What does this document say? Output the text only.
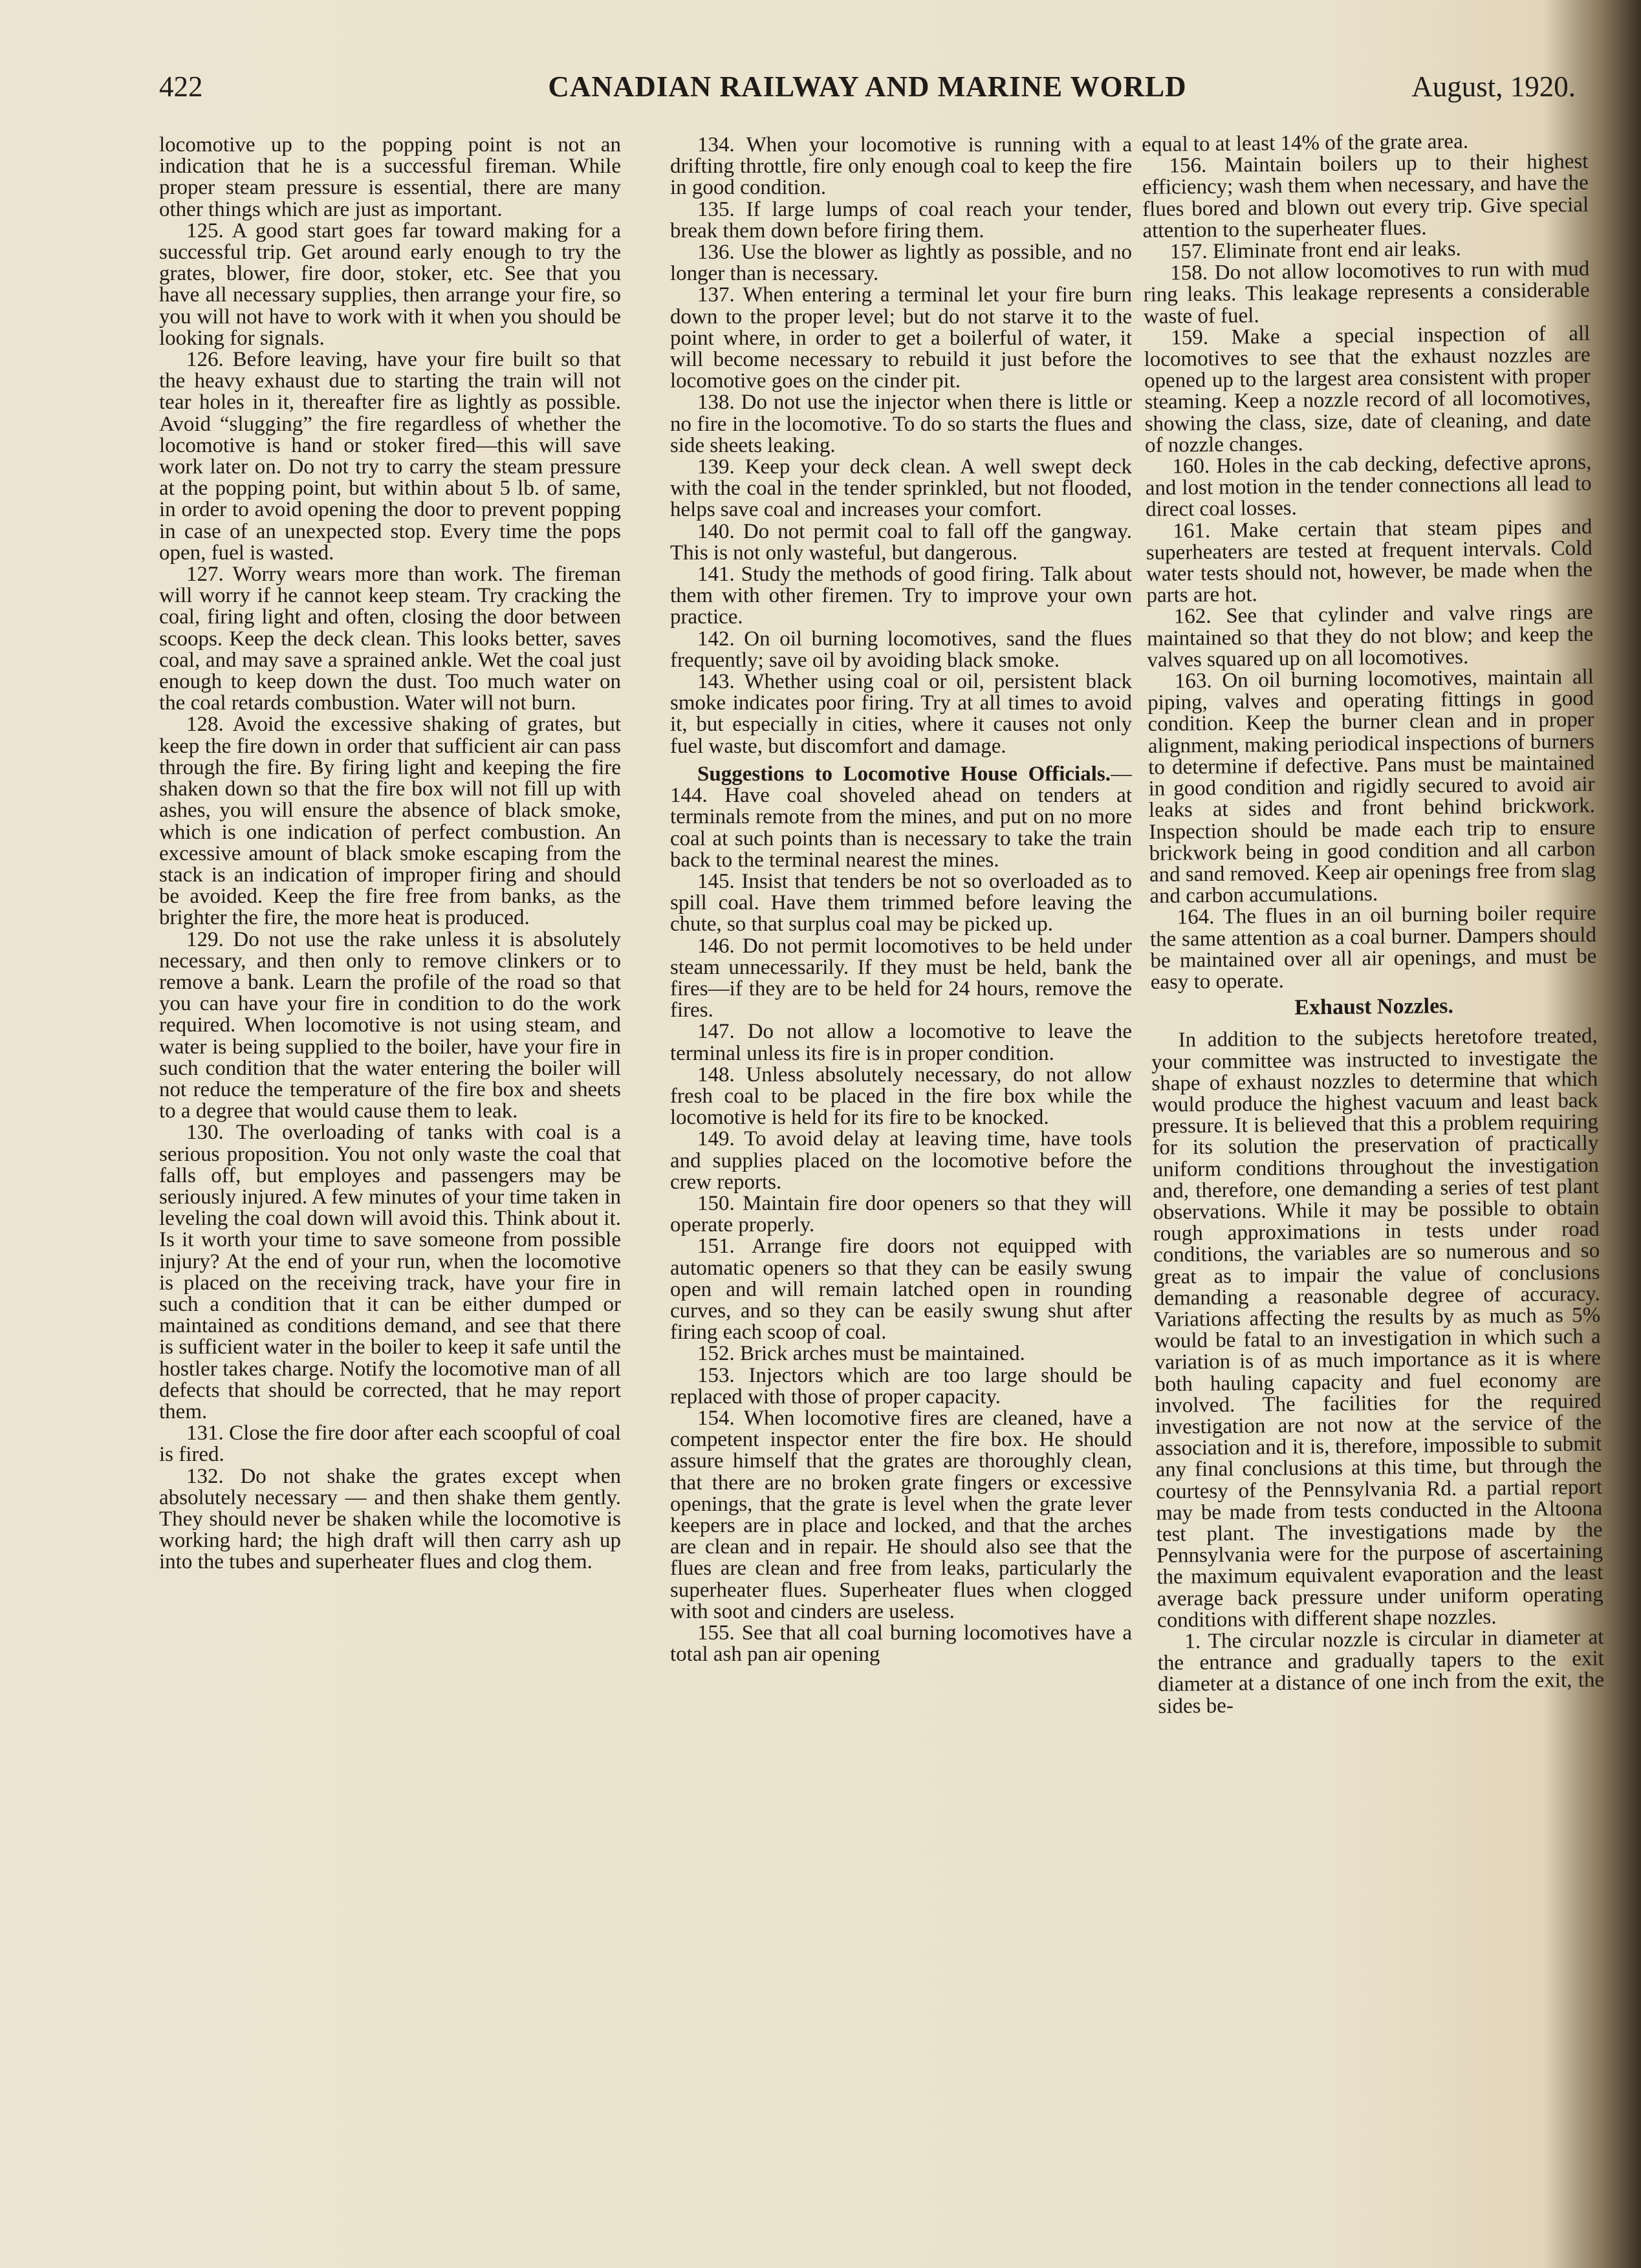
422	CANADIAN RAILWAY AND MARINE WORLD	August, 1920.

locomotive up to the popping point is not an indication that he is a successful fireman. While proper steam pressure is essential, there are many other things which are just as important.

125. A good start goes far toward making for a successful trip. Get around early enough to try the grates, blower, fire door, stoker, etc. See that you have all necessary supplies, then arrange your fire, so you will not have to work with it when you should be looking for signals.

126. Before leaving, have your fire built so that the heavy exhaust due to starting the train will not tear holes in it, thereafter fire as lightly as possible. Avoid “slugging” the fire regardless of whether the locomotive is hand or stoker fired—this will save work later on. Do not try to carry the steam pressure at the popping point, but within about 5 lb. of same, in order to avoid opening the door to prevent popping in case of an unexpected stop. Every time the pops open, fuel is wasted.

127. Worry wears more than work. The fireman will worry if he cannot keep steam. Try cracking the coal, firing light and often, closing the door between scoops. Keep the deck clean. This looks better, saves coal, and may save a sprained ankle. Wet the coal just enough to keep down the dust. Too much water on the coal retards combustion. Water will not burn.

128. Avoid the excessive shaking of grates, but keep the fire down in order that sufficient air can pass through the fire. By firing light and keeping the fire shaken down so that the fire box will not fill up with ashes, you will ensure the absence of black smoke, which is one indication of perfect combustion. An excessive amount of black smoke escaping from the stack is an indication of improper firing and should be avoided. Keep the fire free from banks, as the brighter the fire, the more heat is produced.

129. Do not use the rake unless it is absolutely necessary, and then only to remove clinkers or to remove a bank. Learn the profile of the road so that you can have your fire in condition to do the work required. When locomotive is not using steam, and water is being supplied to the boiler, have your fire in such condition that the water entering the boiler will not reduce the temperature of the fire box and sheets to a degree that would cause them to leak.

130. The overloading of tanks with coal is a serious proposition. You not only waste the coal that falls off, but employes and passengers may be seriously injured. A few minutes of your time taken in leveling the coal down will avoid this. Think about it. Is it worth your time to save someone from possible injury? At the end of your run, when the locomotive is placed on the receiving track, have your fire in such a condition that it can be either dumped or maintained as conditions demand, and see that there is sufficient water in the boiler to keep it safe until the hostler takes charge. Notify the locomotive man of all defects that should be corrected, that he may report them.

131. Close the fire door after each scoopful of coal is fired.

132. Do not shake the grates except when absolutely necessary — and then shake them gently. They should never be shaken while the locomotive is working hard; the high draft will then carry ash up into the tubes and superheater flues and clog them.

134. When your locomotive is running with a drifting throttle, fire only enough coal to keep the fire in good condition.

135. If large lumps of coal reach your tender, break them down before firing them.

136. Use the blower as lightly as possible, and no longer than is necessary.

137. When entering a terminal let your fire burn down to the proper level; but do not starve it to the point where, in order to get a boilerful of water, it will become necessary to rebuild it just before the locomotive goes on the cinder pit.

138. Do not use the injector when there is little or no fire in the locomotive. To do so starts the flues and side sheets leaking.

139. Keep your deck clean. A well swept deck with the coal in the tender sprinkled, but not flooded, helps save coal and increases your comfort.

140. Do not permit coal to fall off the gangway. This is not only wasteful, but dangerous.

141. Study the methods of good firing. Talk about them with other firemen. Try to improve your own practice.

142. On oil burning locomotives, sand the flues frequently; save oil by avoiding black smoke.

143. Whether using coal or oil, persistent black smoke indicates poor firing. Try at all times to avoid it, but especially in cities, where it causes not only fuel waste, but discomfort and damage.

Suggestions to Locomotive House Officials.—144. Have coal shoveled ahead on tenders at terminals remote from the mines, and put on no more coal at such points than is necessary to take the train back to the terminal nearest the mines.

145. Insist that tenders be not so overloaded as to spill coal. Have them trimmed before leaving the chute, so that surplus coal may be picked up.

146. Do not permit locomotives to be held under steam unnecessarily. If they must be held, bank the fires—if they are to be held for 24 hours, remove the fires.

147. Do not allow a locomotive to leave the terminal unless its fire is in proper condition.

148. Unless absolutely necessary, do not allow fresh coal to be placed in the fire box while the locomotive is held for its fire to be knocked.

149. To avoid delay at leaving time, have tools and supplies placed on the locomotive before the crew reports.

150. Maintain fire door openers so that they will operate properly.

151. Arrange fire doors not equipped with automatic openers so that they can be easily swung open and will remain latched open in rounding curves, and so they can be easily swung shut after firing each scoop of coal.

152. Brick arches must be maintained.

153. Injectors which are too large should be replaced with those of proper capacity.

154. When locomotive fires are cleaned, have a competent inspector enter the fire box. He should assure himself that the grates are thoroughly clean, that there are no broken grate fingers or excessive openings, that the grate is level when the grate lever keepers are in place and locked, and that the arches are clean and in repair. He should also see that the flues are clean and free from leaks, particularly the superheater flues. Superheater flues when clogged with soot and cinders are useless.

155. See that all coal burning locomotives have a total ash pan air opening

equal to at least 14% of the grate area.

156. Maintain boilers up to their highest efficiency; wash them when necessary, and have the flues bored and blown out every trip. Give special attention to the superheater flues.

157. Eliminate front end air leaks.

158. Do not allow locomotives to run with mud ring leaks. This leakage represents a considerable waste of fuel.

159. Make a special inspection of all locomotives to see that the exhaust nozzles are opened up to the largest area consistent with proper steaming. Keep a nozzle record of all locomotives, showing the class, size, date of cleaning, and date of nozzle changes.

160. Holes in the cab decking, defective aprons, and lost motion in the tender connections all lead to direct coal losses.

161. Make certain that steam pipes and superheaters are tested at frequent intervals. Cold water tests should not, however, be made when the parts are hot.

162. See that cylinder and valve rings are maintained so that they do not blow; and keep the valves squared up on all locomotives.

163. On oil burning locomotives, maintain all piping, valves and operating fittings in good condition. Keep the burner clean and in proper alignment, making periodical inspections of burners to determine if defective. Pans must be maintained in good condition and rigidly secured to avoid air leaks at sides and front behind brickwork. Inspection should be made each trip to ensure brickwork being in good condition and all carbon and sand removed. Keep air openings free from slag and carbon accumulations.

164. The flues in an oil burning boiler require the same attention as a coal burner. Dampers should be maintained over all air openings, and must be easy to operate.

Exhaust Nozzles.

In addition to the subjects heretofore treated, your committee was instructed to investigate the shape of exhaust nozzles to determine that which would produce the highest vacuum and least back pressure. It is believed that this a problem requiring for its solution the preservation of practically uniform conditions throughout the investigation and, therefore, one demanding a series of test plant observations. While it may be possible to obtain rough approximations in tests under road conditions, the variables are so numerous and so great as to impair the value of conclusions demanding a reasonable degree of accuracy. Variations affecting the results by as much as 5% would be fatal to an investigation in which such a variation is of as much importance as it is where both hauling capacity and fuel economy are involved. The facilities for the required investigation are not now at the service of the association and it is, therefore, impossible to submit any final conclusions at this time, but through the courtesy of the Pennsylvania Rd. a partial report may be made from tests conducted in the Altoona test plant. The investigations made by the Pennsylvania were for the purpose of ascertaining the maximum equivalent evaporation and the least average back pressure under uniform operating conditions with different shape nozzles.

1. The circular nozzle is circular in diameter at the entrance and gradually tapers to the exit diameter at a distance of one inch from the exit, the sides be-
